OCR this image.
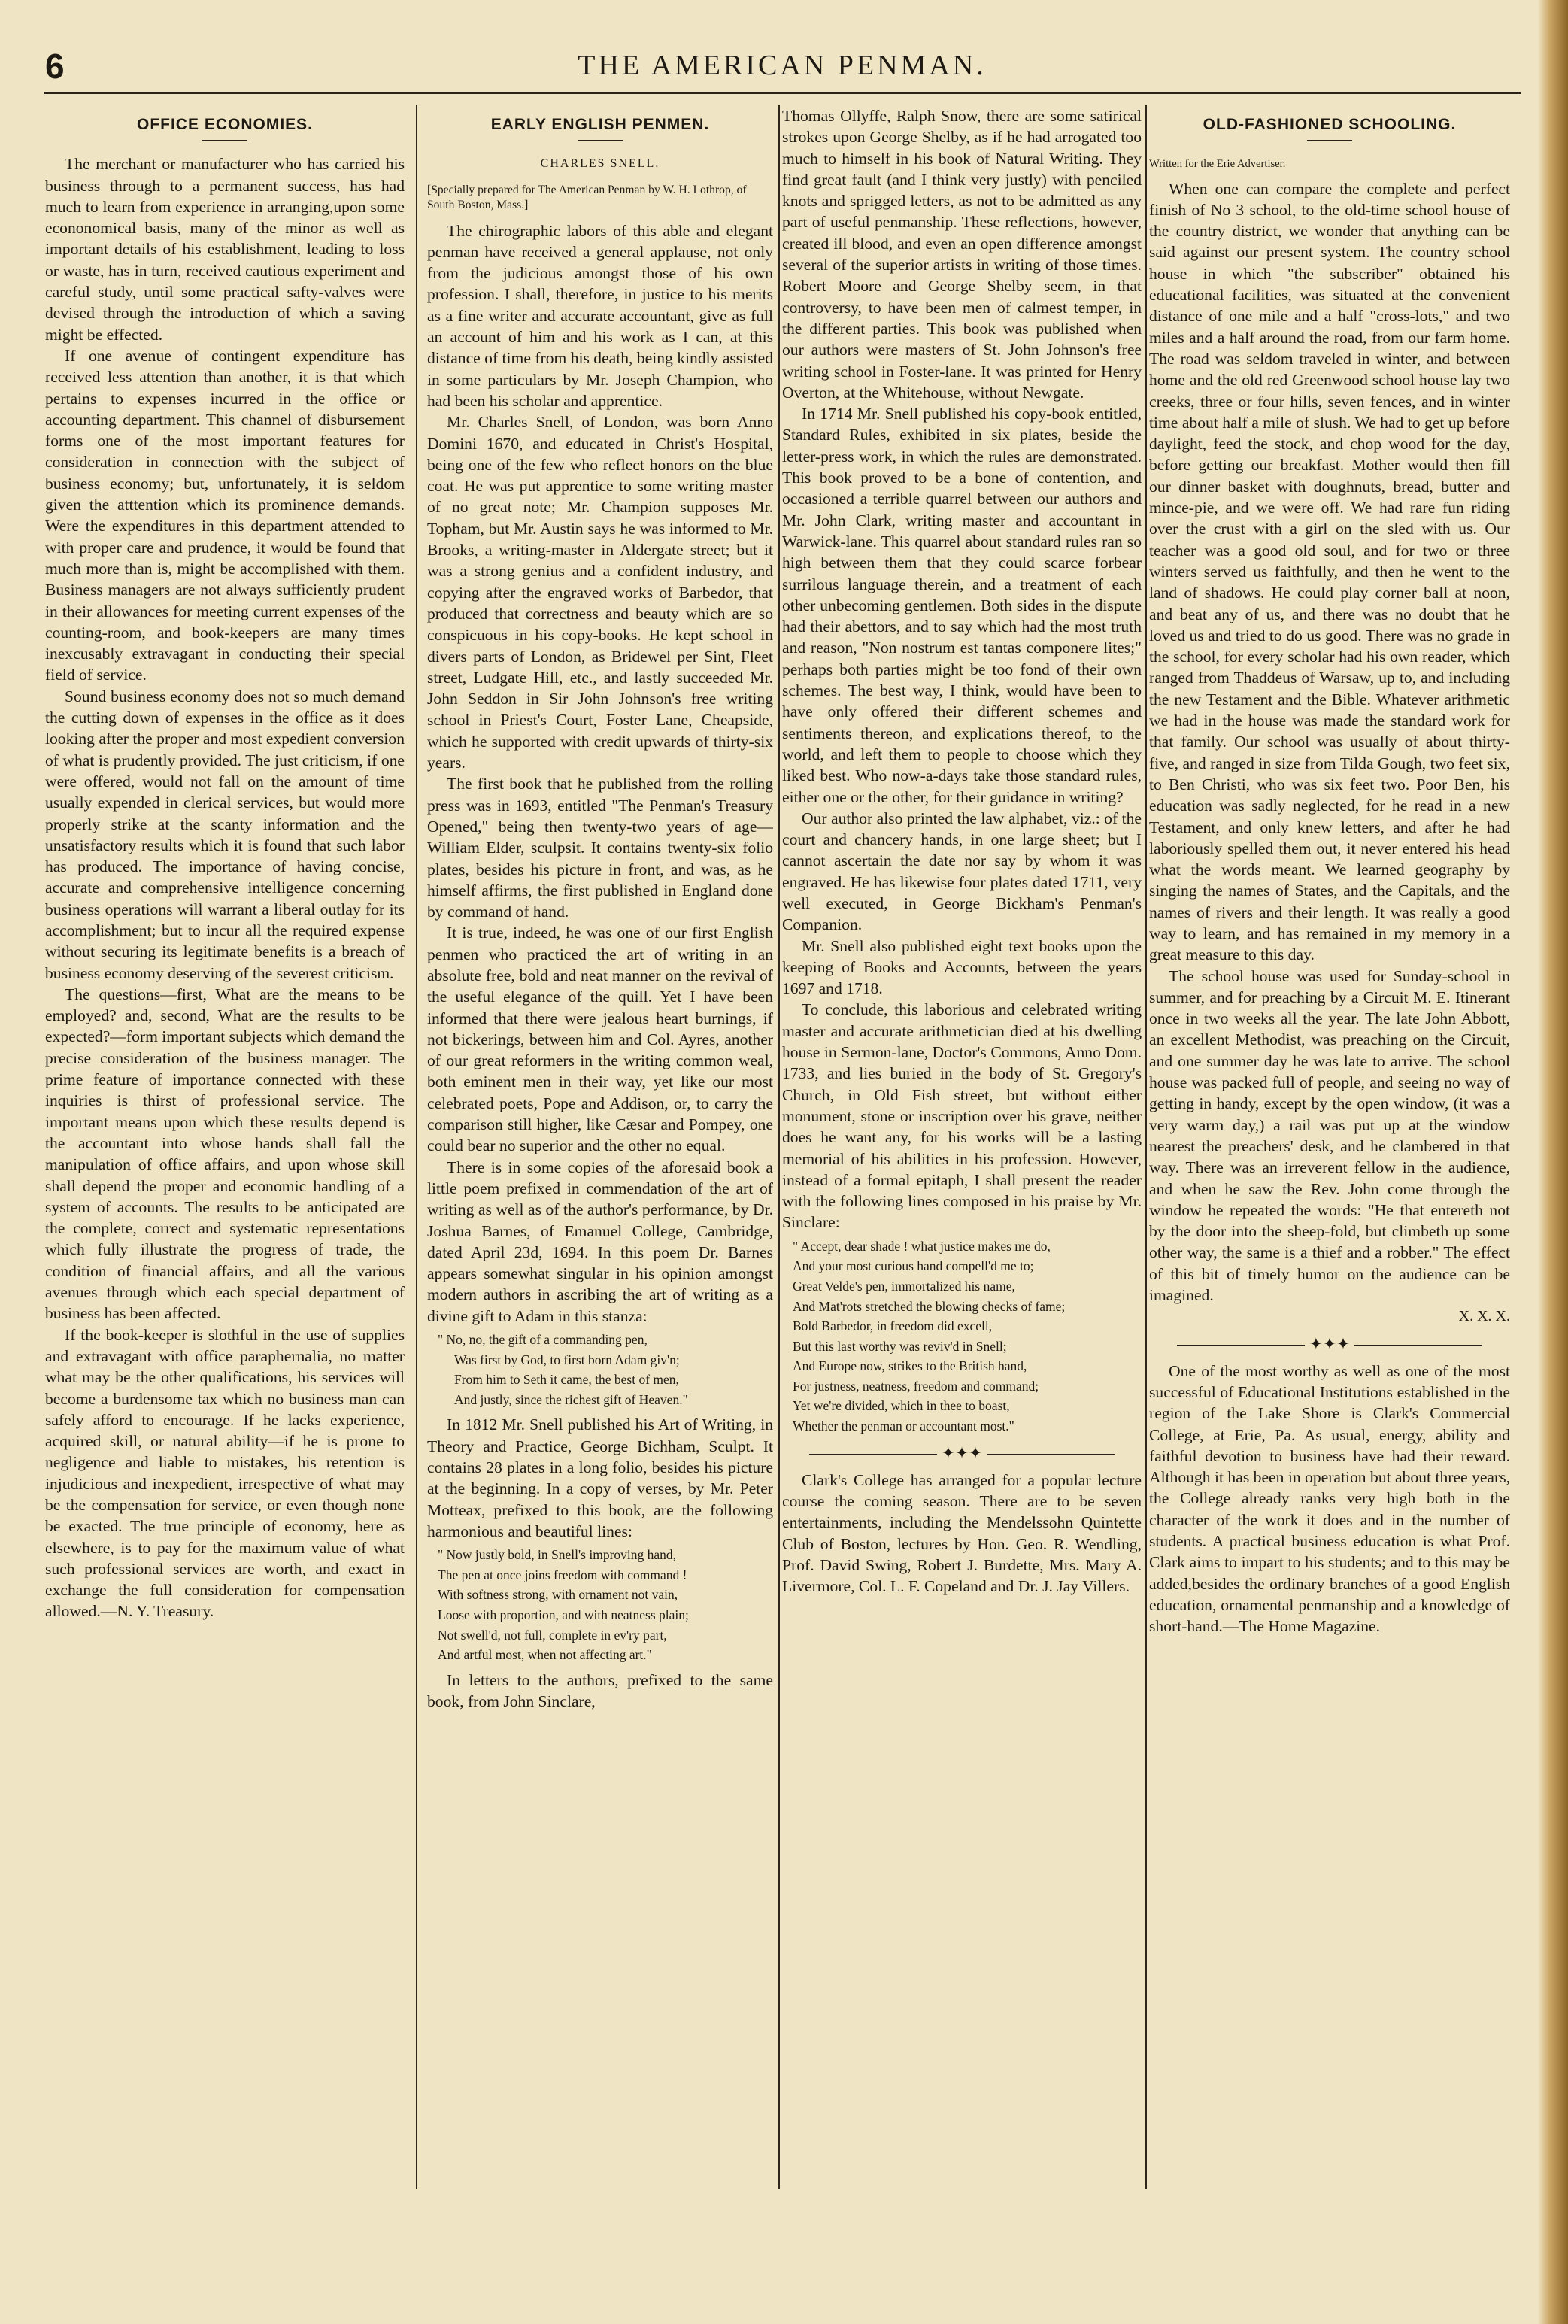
6	THE AMERICAN PENMAN.
OFFICE ECONOMIES.

The merchant or manufacturer who has carried his business through to a permanent success, has had much to learn from experience in arranging,upon some econonomical basis, many of the minor as well as important details of his establishment, leading to loss or waste, has in turn, received cautious experiment and careful study, until some practical safty-valves were devised through the introduction of which a saving might be effected.

If one avenue of contingent expenditure has received less attention than another, it is that which pertains to expenses incurred in the office or accounting department. This channel of disbursement forms one of the most important features for consideration in connection with the subject of business economy; but, unfortunately, it is seldom given the atttention which its prominence demands. Were the expenditures in this department attended to with proper care and prudence, it would be found that much more than is, might be accomplished with them. Business managers are not always sufficiently prudent in their allowances for meeting current expenses of the counting-room, and book-keepers are many times inexcusably extravagant in conducting their special field of service.

Sound business economy does not so much demand the cutting down of expenses in the office as it does looking after the proper and most expedient conversion of what is prudently provided. The just criticism, if one were offered, would not fall on the amount of time usually expended in clerical services, but would more properly strike at the scanty information and the unsatisfactory results which it is found that such labor has produced. The importance of having concise, accurate and comprehensive intelligence concerning business operations will warrant a liberal outlay for its accomplishment; but to incur all the required expense without securing its legitimate benefits is a breach of business economy deserving of the severest criticism.

The questions—first, What are the means to be employed? and, second, What are the results to be expected?—form important subjects which demand the precise consideration of the business manager. The prime feature of importance connected with these inquiries is thirst of professional service. The important means upon which these results depend is the accountant into whose hands shall fall the manipulation of office affairs, and upon whose skill shall depend the proper and economic handling of a system of accounts. The results to be anticipated are the complete, correct and systematic representations which fully illustrate the progress of trade, the condition of financial affairs, and all the various avenues through which each special department of business has been affected.

If the book-keeper is slothful in the use of supplies and extravagant with office paraphernalia, no matter what may be the other qualifications, his services will become a burdensome tax which no business man can safely afford to encourage. If he lacks experience, acquired skill, or natural ability—if he is prone to negligence and liable to mistakes, his retention is injudicious and inexpedient, irrespective of what may be the compensation for service, or even though none be exacted. The true principle of economy, here as elsewhere, is to pay for the maximum value of what such professional services are worth, and exact in exchange the full consideration for compensation allowed.—N. Y. Treasury.

EARLY ENGLISH PENMEN.
CHARLES SNELL.
[Specially prepared for The American Penman by W. H. Lothrop, of South Boston, Mass.]

The chirographic labors of this able and elegant penman have received a general applause, not only from the judicious amongst those of his own profession. I shall, therefore, in justice to his merits as a fine writer and accurate accountant, give as full an account of him and his work as I can, at this distance of time from his death, being kindly assisted in some particulars by Mr. Joseph Champion, who had been his scholar and apprentice.

Mr. Charles Snell, of London, was born Anno Domini 1670, and educated in Christ's Hospital, being one of the few who reflect honors on the blue coat. He was put apprentice to some writing master of no great note; Mr. Champion supposes Mr. Topham, but Mr. Austin says he was informed to Mr. Brooks, a writing-master in Aldergate street; but it was a strong genius and a confident industry, and copying after the engraved works of Barbedor, that produced that correctness and beauty which are so conspicuous in his copy-books. He kept school in divers parts of London, as Bridewel per Sint, Fleet street, Ludgate Hill, etc., and lastly succeeded Mr. John Seddon in Sir John Johnson's free writing school in Priest's Court, Foster Lane, Cheapside, which he supported with credit upwards of thirty-six years.

The first book that he published from the rolling press was in 1693, entitled "The Penman's Treasury Opened," being then twenty-two years of age—William Elder, sculpsit. It contains twenty-six folio plates, besides his picture in front, and was, as he himself affirms, the first published in England done by command of hand.

It is true, indeed, he was one of our first English penmen who practiced the art of writing in an absolute free, bold and neat manner on the revival of the useful elegance of the quill. Yet I have been informed that there were jealous heart burnings, if not bickerings, between him and Col. Ayres, another of our great reformers in the writing common weal, both eminent men in their way, yet like our most celebrated poets, Pope and Addison, or, to carry the comparison still higher, like Cæsar and Pompey, one could bear no superior and the other no equal.

There is in some copies of the aforesaid book a little poem prefixed in commendation of the art of writing as well as of the author's performance, by Dr. Joshua Barnes, of Emanuel College, Cambridge, dated April 23d, 1694. In this poem Dr. Barnes appears somewhat singular in his opinion amongst modern authors in ascribing the art of writing as a divine gift to Adam in this stanza:

" No, no, the gift of a commanding pen,
Was first by God, to first born Adam giv'n;
From him to Seth it came, the best of men,
And justly, since the richest gift of Heaven."

In 1812 Mr. Snell published his Art of Writing, in Theory and Practice, George Bichham, Sculpt. It contains 28 plates in a long folio, besides his picture at the beginning. In a copy of verses, by Mr. Peter Motteax, prefixed to this book, are the following harmonious and beautiful lines:

" Now justly bold, in Snell's improving hand,
The pen at once joins freedom with command !
With softness strong, with ornament not vain,
Loose with proportion, and with neatness plain;
Not swell'd, not full, complete in ev'ry part,
And artful most, when not affecting art."

In letters to the authors, prefixed to the same book, from John Sinclare,

Thomas Ollyffe, Ralph Snow, there are some satirical strokes upon George Shelby, as if he had arrogated too much to himself in his book of Natural Writing. They find great fault (and I think very justly) with penciled knots and sprigged letters, as not to be admitted as any part of useful penmanship. These reflections, however, created ill blood, and even an open difference amongst several of the superior artists in writing of those times. Robert Moore and George Shelby seem, in that controversy, to have been men of calmest temper, in the different parties. This book was published when our authors were masters of St. John Johnson's free writing school in Foster-lane. It was printed for Henry Overton, at the Whitehouse, without Newgate.

In 1714 Mr. Snell published his copy-book entitled, Standard Rules, exhibited in six plates, beside the letter-press work, in which the rules are demonstrated. This book proved to be a bone of contention, and occasioned a terrible quarrel between our authors and Mr. John Clark, writing master and accountant in Warwick-lane. This quarrel about standard rules ran so high between them that they could scarce forbear surrilous language therein, and a treatment of each other unbecoming gentlemen. Both sides in the dispute had their abettors, and to say which had the most truth and reason, "Non nostrum est tantas componere lites;" perhaps both parties might be too fond of their own schemes. The best way, I think, would have been to have only offered their different schemes and sentiments thereon, and explications thereof, to the world, and left them to people to choose which they liked best. Who now-a-days take those standard rules, either one or the other, for their guidance in writing?

Our author also printed the law alphabet, viz.: of the court and chancery hands, in one large sheet; but I cannot ascertain the date nor say by whom it was engraved. He has likewise four plates dated 1711, very well executed, in George Bickham's Penman's Companion.

Mr. Snell also published eight text books upon the keeping of Books and Accounts, between the years 1697 and 1718.

To conclude, this laborious and celebrated writing master and accurate arithmetician died at his dwelling house in Sermon-lane, Doctor's Commons, Anno Dom. 1733, and lies buried in the body of St. Gregory's Church, in Old Fish street, but without either monument, stone or inscription over his grave, neither does he want any, for his works will be a lasting memorial of his abilities in his profession. However, instead of a formal epitaph, I shall present the reader with the following lines composed in his praise by Mr. Sinclare:

" Accept, dear shade ! what justice makes me do,
And your most curious hand compell'd me to;
Great Velde's pen, immortalized his name,
And Mat'rots stretched the blowing checks of fame;
Bold Barbedor, in freedom did excell,
But this last worthy was reviv'd in Snell;
And Europe now, strikes to the British hand,
For justness, neatness, freedom and command;
Yet we're divided, which in thee to boast,
Whether the penman or accountant most."
✦✦✦

Clark's College has arranged for a popular lecture course the coming season. There are to be seven entertainments, including the Mendelssohn Quintette Club of Boston, lectures by Hon. Geo. R. Wendling, Prof. David Swing, Robert J. Burdette, Mrs. Mary A. Livermore, Col. L. F. Copeland and Dr. J. Jay Villers.

OLD-FASHIONED SCHOOLING.
Written for the Erie Advertiser.

When one can compare the complete and perfect finish of No 3 school, to the old-time school house of the country district, we wonder that anything can be said against our present system. The country school house in which "the subscriber" obtained his educational facilities, was situated at the convenient distance of one mile and a half "cross-lots," and two miles and a half around the road, from our farm home. The road was seldom traveled in winter, and between home and the old red Greenwood school house lay two creeks, three or four hills, seven fences, and in winter time about half a mile of slush. We had to get up before daylight, feed the stock, and chop wood for the day, before getting our breakfast. Mother would then fill our dinner basket with doughnuts, bread, butter and mince-pie, and we were off. We had rare fun riding over the crust with a girl on the sled with us. Our teacher was a good old soul, and for two or three winters served us faithfully, and then he went to the land of shadows. He could play corner ball at noon, and beat any of us, and there was no doubt that he loved us and tried to do us good. There was no grade in the school, for every scholar had his own reader, which ranged from Thaddeus of Warsaw, up to, and including the new Testament and the Bible. Whatever arithmetic we had in the house was made the standard work for that family. Our school was usually of about thirty-five, and ranged in size from Tilda Gough, two feet six, to Ben Christi, who was six feet two. Poor Ben, his education was sadly neglected, for he read in a new Testament, and only knew letters, and after he had laboriously spelled them out, it never entered his head what the words meant. We learned geography by singing the names of States, and the Capitals, and the names of rivers and their length. It was really a good way to learn, and has remained in my memory in a great measure to this day.

The school house was used for Sunday-school in summer, and for preaching by a Circuit M. E. Itinerant once in two weeks all the year. The late John Abbott, an excellent Methodist, was preaching on the Circuit, and one summer day he was late to arrive. The school house was packed full of people, and seeing no way of getting in handy, except by the open window, (it was a very warm day,) a rail was put up at the window nearest the preachers' desk, and he clambered in that way. There was an irreverent fellow in the audience, and when he saw the Rev. John come through the window he repeated the words: "He that entereth not by the door into the sheep-fold, but climbeth up some other way, the same is a thief and a robber." The effect of this bit of timely humor on the audience can be imagined.

X. X. X.
✦✦✦

One of the most worthy as well as one of the most successful of Educational Institutions established in the region of the Lake Shore is Clark's Commercial College, at Erie, Pa. As usual, energy, ability and faithful devotion to business have had their reward. Although it has been in operation but about three years, the College already ranks very high both in the character of the work it does and in the number of students. A practical business education is what Prof. Clark aims to impart to his students; and to this may be added,besides the ordinary branches of a good English education, ornamental penmanship and a knowledge of short-hand.—The Home Magazine.
